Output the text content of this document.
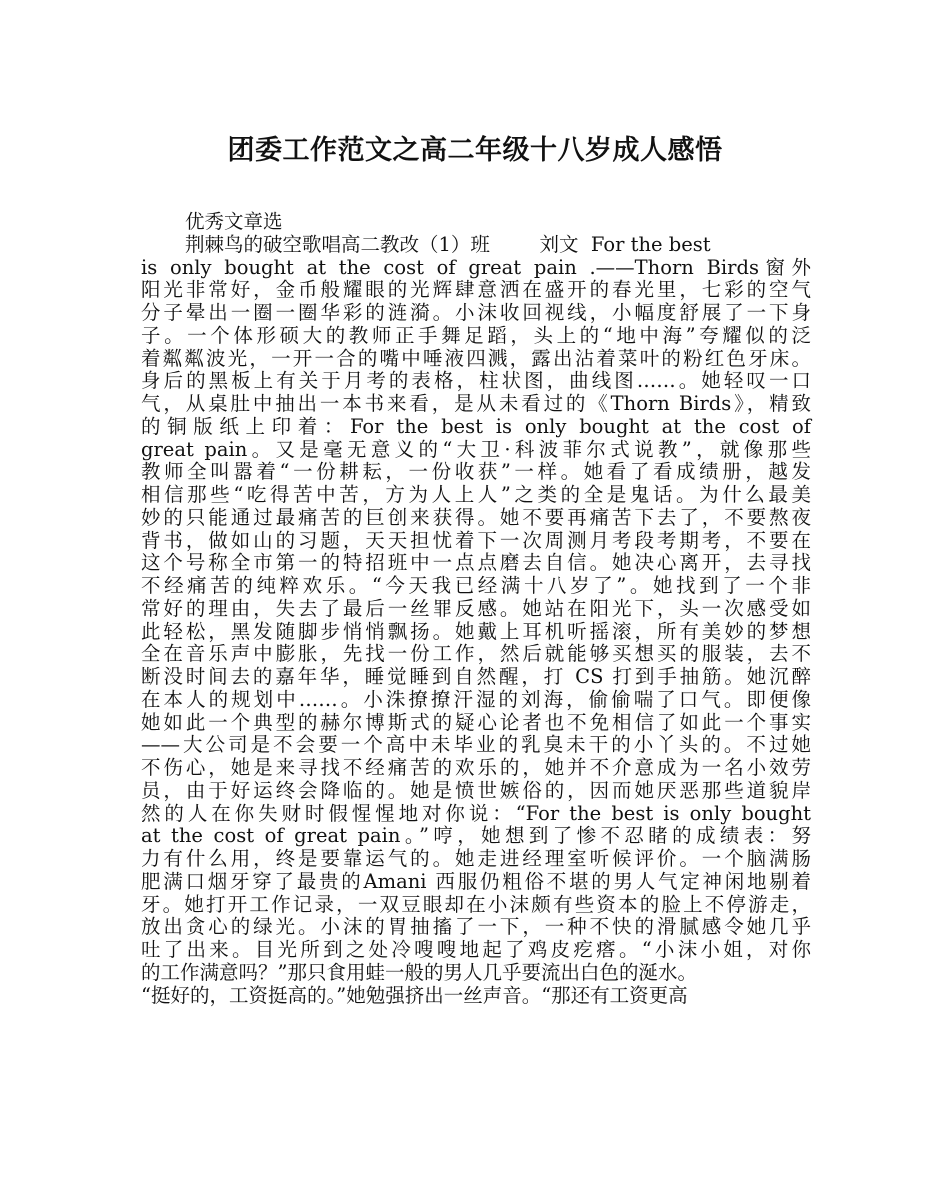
团委工作范文之高二年级十八岁成人感悟
优秀文章选
荆棘鸟的破空歌唱高二教改（1）班        刘文  For the best
is only bought at the cost of great pain .——Thorn Birds窗外
阳光非常好，金币般耀眼的光辉肆意洒在盛开的春光里，七彩的空气
分子晕出一圈一圈华彩的涟漪。小沫收回视线，小幅度舒展了一下身
子。一个体形硕大的教师正手舞足蹈，头上的“地中海”夸耀似的泛
着粼粼波光，一开一合的嘴中唾液四溅，露出沾着菜叶的粉红色牙床。
身后的黑板上有关于月考的表格，柱状图，曲线图……。她轻叹一口
气，从桌肚中抽出一本书来看，是从未看过的《Thorn Birds》，精致
的铜版纸上印着：For the best is only bought at the cost of
great pain。又是毫无意义的“大卫·科波菲尔式说教”，就像那些
教师全叫嚣着“一份耕耘，一份收获”一样。她看了看成绩册，越发
相信那些“吃得苦中苦，方为人上人”之类的全是鬼话。为什么最美
妙的只能通过最痛苦的巨创来获得。她不要再痛苦下去了，不要熬夜
背书，做如山的习题，天天担忧着下一次周测月考段考期考，不要在
这个号称全市第一的特招班中一点点磨去自信。她决心离开，去寻找
不经痛苦的纯粹欢乐。“今天我已经满十八岁了”。她找到了一个非
常好的理由，失去了最后一丝罪反感。她站在阳光下，头一次感受如
此轻松，黑发随脚步悄悄飘扬。她戴上耳机听摇滚，所有美妙的梦想
全在音乐声中膨胀，先找一份工作，然后就能够买想买的服装，去不
断没时间去的嘉年华，睡觉睡到自然醒，打 CS 打到手抽筋。她沉醉
在本人的规划中……。小洙撩撩汗湿的刘海，偷偷喘了口气。即便像
她如此一个典型的赫尔博斯式的疑心论者也不免相信了如此一个事实
——大公司是不会要一个高中未毕业的乳臭未干的小丫头的。不过她
不伤心，她是来寻找不经痛苦的欢乐的，她并不介意成为一名小效劳
员，由于好运终会降临的。她是愤世嫉俗的，因而她厌恶那些道貌岸
然的人在你失财时假惺惺地对你说：“For the best is only bought
at the cost of great pain。”哼，她想到了惨不忍睹的成绩表：努
力有什么用，终是要靠运气的。她走进经理室听候评价。一个脑满肠
肥满口烟牙穿了最贵的Amani 西服仍粗俗不堪的男人气定神闲地剔着
牙。她打开工作记录，一双豆眼却在小沫颇有些资本的脸上不停游走，
放出贪心的绿光。小沫的胃抽搐了一下，一种不快的滑腻感令她几乎
吐了出来。目光所到之处冷嗖嗖地起了鸡皮疙瘩。“小沫小姐，对你
的工作满意吗？”那只食用蛙一般的男人几乎要流出白色的涎水。
“挺好的，工资挺高的。”她勉强挤出一丝声音。“那还有工资更高
